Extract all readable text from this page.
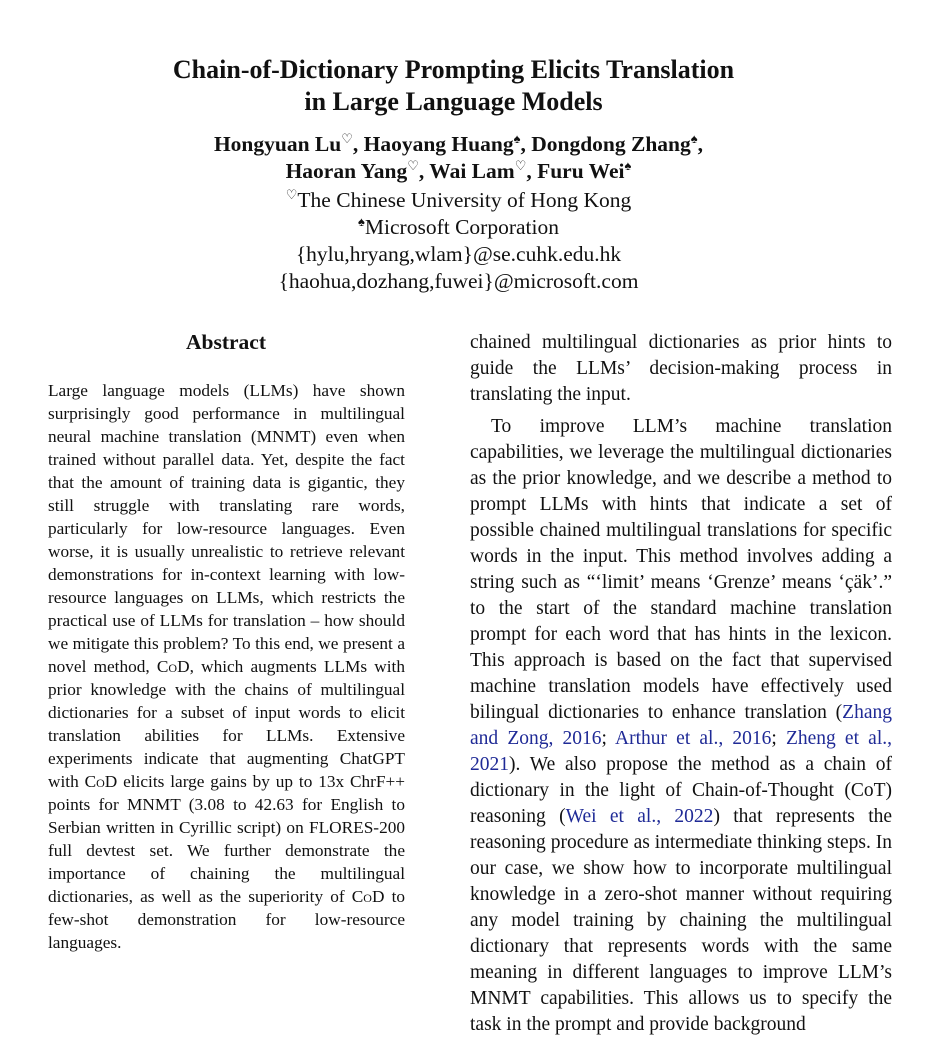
Chain-of-Dictionary Prompting Elicits Translation
in Large Language Models
Hongyuan Lu♡, Haoyang Huang♠, Dongdong Zhang♠,
Haoran Yang♡, Wai Lam♡, Furu Wei♠
♡The Chinese University of Hong Kong
♠Microsoft Corporation
{hylu,hryang,wlam}@se.cuhk.edu.hk
{haohua,dozhang,fuwei}@microsoft.com
Abstract
Large language models (LLMs) have shown surprisingly good performance in multilingual neural machine translation (MNMT) even when trained without parallel data. Yet, despite the fact that the amount of training data is gigantic, they still struggle with translating rare words, particularly for low-resource languages. Even worse, it is usually unrealistic to retrieve relevant demonstrations for in-context learning with low-resource languages on LLMs, which restricts the practical use of LLMs for translation – how should we mitigate this problem? To this end, we present a novel method, CoD, which augments LLMs with prior knowledge with the chains of multilingual dictionaries for a subset of input words to elicit translation abilities for LLMs. Extensive experiments indicate that augmenting ChatGPT with CoD elicits large gains by up to 13x ChrF++ points for MNMT (3.08 to 42.63 for English to Serbian written in Cyrillic script) on FLORES-200 full devtest set. We further demonstrate the importance of chaining the multilingual dictionaries, as well as the superiority of CoD to few-shot demonstration for low-resource languages.

chained multilingual dictionaries as prior hints to guide the LLMs’ decision-making process in translating the input.

To improve LLM’s machine translation capabilities, we leverage the multilingual dictionaries as the prior knowledge, and we describe a method to prompt LLMs with hints that indicate a set of possible chained multilingual translations for specific words in the input. This method involves adding a string such as “‘limit’ means ‘Grenze’ means ‘çäk’.” to the start of the standard machine translation prompt for each word that has hints in the lexicon. This approach is based on the fact that supervised machine translation models have effectively used bilingual dictionaries to enhance translation (Zhang and Zong, 2016; Arthur et al., 2016; Zheng et al., 2021). We also propose the method as a chain of dictionary in the light of Chain-of-Thought (CoT) reasoning (Wei et al., 2022) that represents the reasoning procedure as intermediate thinking steps. In our case, we show how to incorporate multilingual knowledge in a zero-shot manner without requiring any model training by chaining the multilingual dictionary that represents words with the same meaning in different languages to improve LLM’s MNMT capabilities. This allows us to specify the task in the prompt and provide background
